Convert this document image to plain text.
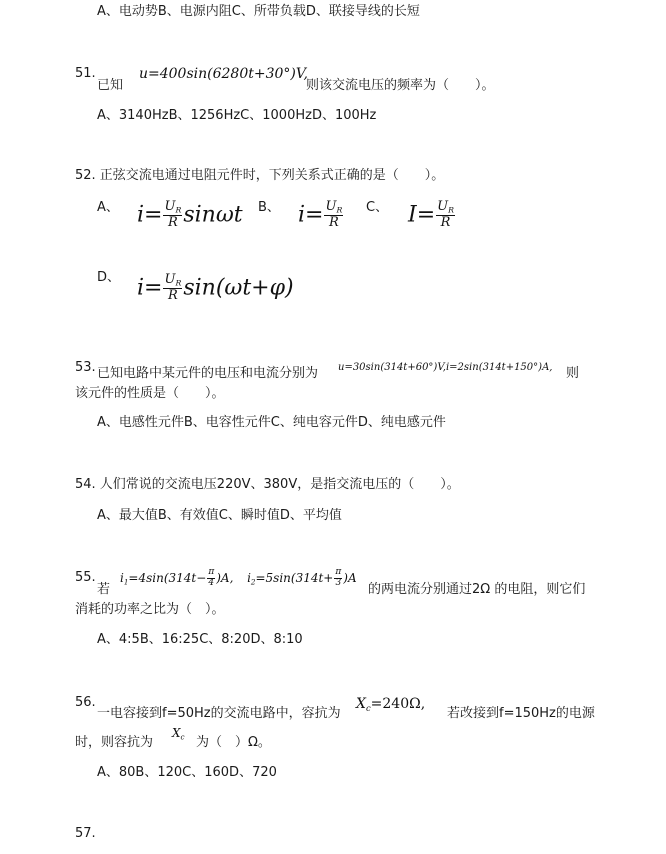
A、电动势B、电源内阻C、所带负载D、联接导线的长短
51.
已知
u=400sin(6280t+30°)V,
则该交流电压的频率为（　　）。
A、3140HzB、1256HzC、1000HzD、100Hz
52. 正弦交流电通过电阻元件时，下列关系式正确的是（　　）。
A、 $i= \frac{U_R}{R}$ sinωt B、 $i= \frac{U_R}{R}$ C、 $I= \frac{U_R}{R}$
D、 $i= \frac{U_R}{R} \sin(\omega t+\varphi)$
53. 已知电路中某元件的电压和电流分别为 u=30sin(314t+60°)V,i=2sin(314t+150°)A, 则
该元件的性质是（　　）。
A、电感性元件B、电容性元件C、纯电容元件D、纯电感元件
54. 人们常说的交流电压220V、380V，是指交流电压的（　　）。
A、最大值B、有效值C、瞬时值D、平均值
55.
若
$i_1=4\sin(314t- \frac{\pi}{4} )A$, $i_2=5\sin(314t+ \frac{\pi}{3} )A$
的两电流分别通过2Ω 的电阻，则它们
消耗的功率之比为（　）。
A、4:5B、16:25C、8:20D、8:10
56.
一电容接到f=50Hz的交流电路中，容抗为
$X_c=240\Omega$,
若改接到f=150Hz的电源
时，则容抗为
$X_c$ 为（　）Ω。
A、80B、120C、160D、720
57.
